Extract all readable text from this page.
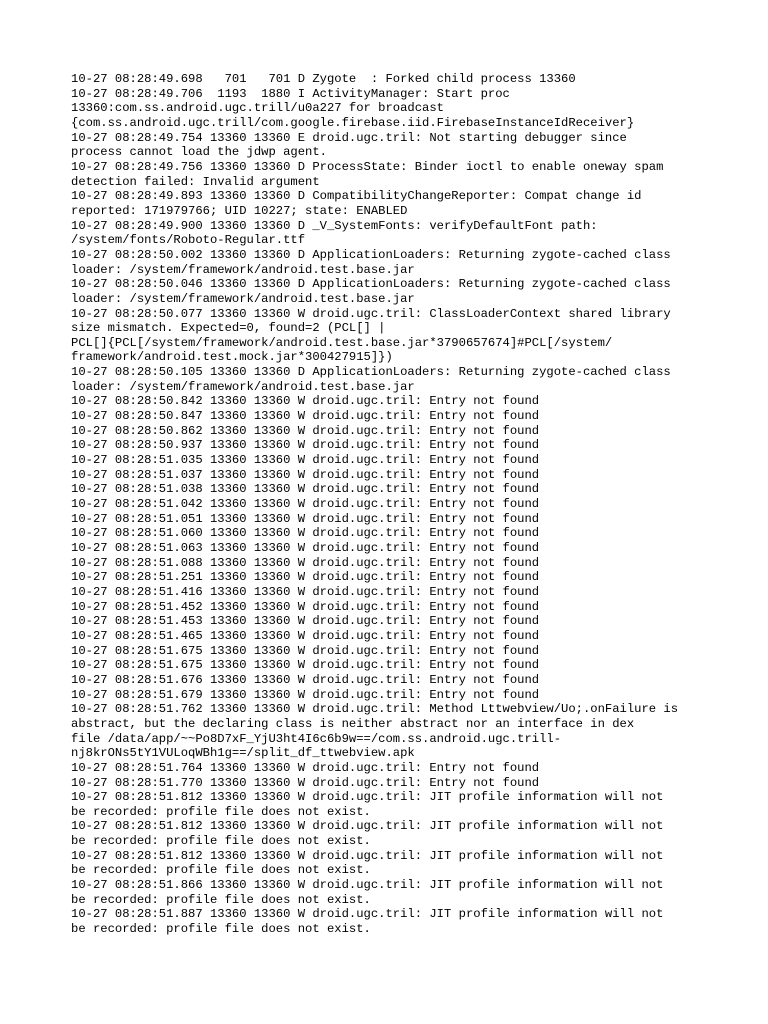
10-27 08:28:49.698   701   701 D Zygote  : Forked child process 13360
10-27 08:28:49.706  1193  1880 I ActivityManager: Start proc
13360:com.ss.android.ugc.trill/u0a227 for broadcast
{com.ss.android.ugc.trill/com.google.firebase.iid.FirebaseInstanceIdReceiver}
10-27 08:28:49.754 13360 13360 E droid.ugc.tril: Not starting debugger since
process cannot load the jdwp agent.
10-27 08:28:49.756 13360 13360 D ProcessState: Binder ioctl to enable oneway spam
detection failed: Invalid argument
10-27 08:28:49.893 13360 13360 D CompatibilityChangeReporter: Compat change id
reported: 171979766; UID 10227; state: ENABLED
10-27 08:28:49.900 13360 13360 D _V_SystemFonts: verifyDefaultFont path:
/system/fonts/Roboto-Regular.ttf
10-27 08:28:50.002 13360 13360 D ApplicationLoaders: Returning zygote-cached class
loader: /system/framework/android.test.base.jar
10-27 08:28:50.046 13360 13360 D ApplicationLoaders: Returning zygote-cached class
loader: /system/framework/android.test.base.jar
10-27 08:28:50.077 13360 13360 W droid.ugc.tril: ClassLoaderContext shared library
size mismatch. Expected=0, found=2 (PCL[] |
PCL[]{PCL[/system/framework/android.test.base.jar*3790657674]#PCL[/system/
framework/android.test.mock.jar*300427915]})
10-27 08:28:50.105 13360 13360 D ApplicationLoaders: Returning zygote-cached class
loader: /system/framework/android.test.base.jar
10-27 08:28:50.842 13360 13360 W droid.ugc.tril: Entry not found
10-27 08:28:50.847 13360 13360 W droid.ugc.tril: Entry not found
10-27 08:28:50.862 13360 13360 W droid.ugc.tril: Entry not found
10-27 08:28:50.937 13360 13360 W droid.ugc.tril: Entry not found
10-27 08:28:51.035 13360 13360 W droid.ugc.tril: Entry not found
10-27 08:28:51.037 13360 13360 W droid.ugc.tril: Entry not found
10-27 08:28:51.038 13360 13360 W droid.ugc.tril: Entry not found
10-27 08:28:51.042 13360 13360 W droid.ugc.tril: Entry not found
10-27 08:28:51.051 13360 13360 W droid.ugc.tril: Entry not found
10-27 08:28:51.060 13360 13360 W droid.ugc.tril: Entry not found
10-27 08:28:51.063 13360 13360 W droid.ugc.tril: Entry not found
10-27 08:28:51.088 13360 13360 W droid.ugc.tril: Entry not found
10-27 08:28:51.251 13360 13360 W droid.ugc.tril: Entry not found
10-27 08:28:51.416 13360 13360 W droid.ugc.tril: Entry not found
10-27 08:28:51.452 13360 13360 W droid.ugc.tril: Entry not found
10-27 08:28:51.453 13360 13360 W droid.ugc.tril: Entry not found
10-27 08:28:51.465 13360 13360 W droid.ugc.tril: Entry not found
10-27 08:28:51.675 13360 13360 W droid.ugc.tril: Entry not found
10-27 08:28:51.675 13360 13360 W droid.ugc.tril: Entry not found
10-27 08:28:51.676 13360 13360 W droid.ugc.tril: Entry not found
10-27 08:28:51.679 13360 13360 W droid.ugc.tril: Entry not found
10-27 08:28:51.762 13360 13360 W droid.ugc.tril: Method Lttwebview/Uo;.onFailure is
abstract, but the declaring class is neither abstract nor an interface in dex
file /data/app/~~Po8D7xF_YjU3ht4I6c6b9w==/com.ss.android.ugc.trill-
nj8krONs5tY1VULoqWBh1g==/split_df_ttwebview.apk
10-27 08:28:51.764 13360 13360 W droid.ugc.tril: Entry not found
10-27 08:28:51.770 13360 13360 W droid.ugc.tril: Entry not found
10-27 08:28:51.812 13360 13360 W droid.ugc.tril: JIT profile information will not
be recorded: profile file does not exist.
10-27 08:28:51.812 13360 13360 W droid.ugc.tril: JIT profile information will not
be recorded: profile file does not exist.
10-27 08:28:51.812 13360 13360 W droid.ugc.tril: JIT profile information will not
be recorded: profile file does not exist.
10-27 08:28:51.866 13360 13360 W droid.ugc.tril: JIT profile information will not
be recorded: profile file does not exist.
10-27 08:28:51.887 13360 13360 W droid.ugc.tril: JIT profile information will not
be recorded: profile file does not exist.
